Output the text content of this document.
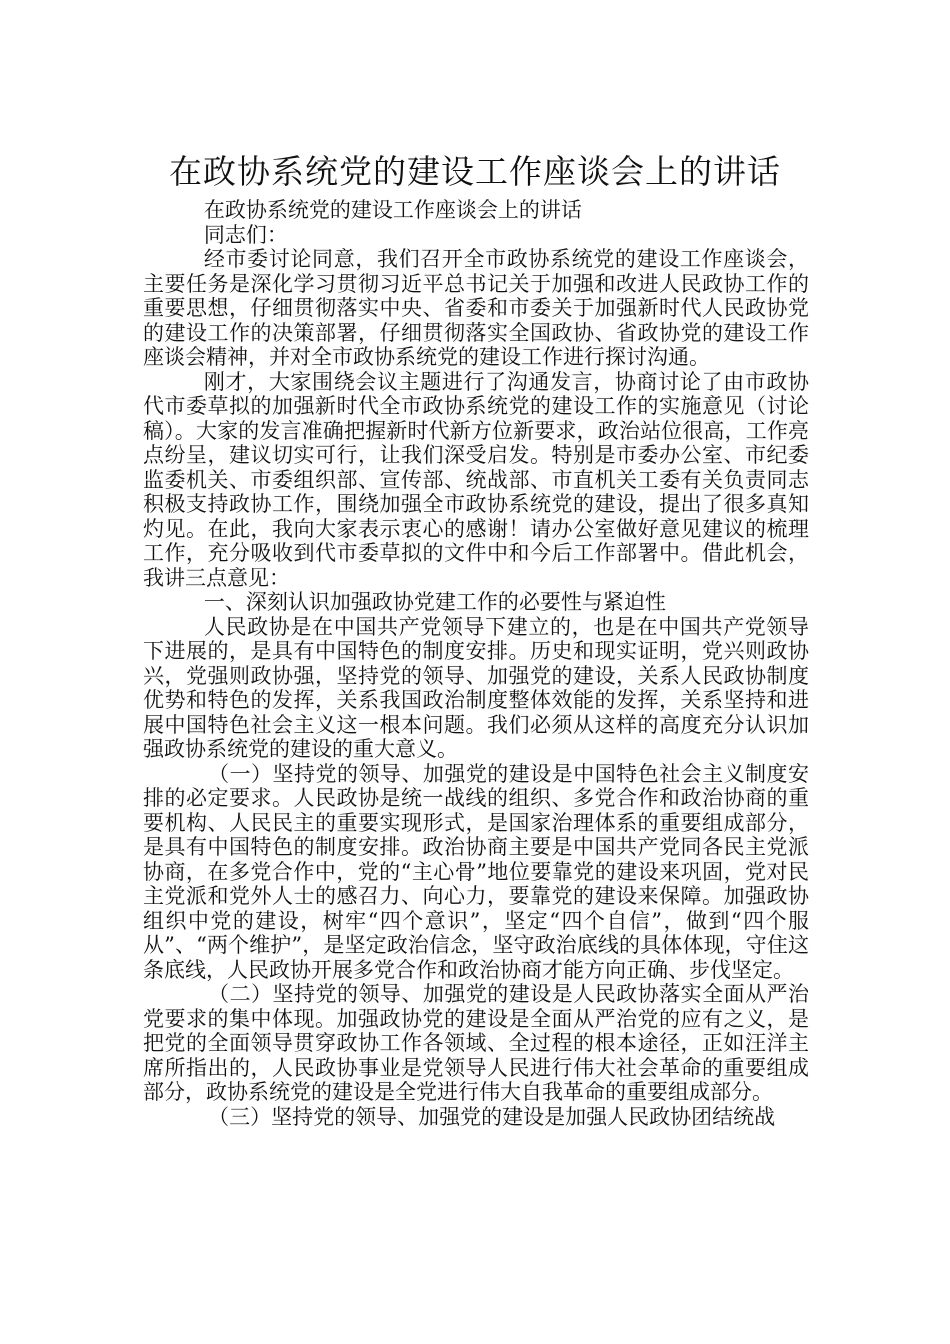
在政协系统党的建设工作座谈会上的讲话

在政协系统党的建设工作座谈会上的讲话

同志们：

经市委讨论同意，我们召开全市政协系统党的建设工作座谈会，主要任务是深化学习贯彻习近平总书记关于加强和改进人民政协工作的重要思想，仔细贯彻落实中央、省委和市委关于加强新时代人民政协党的建设工作的决策部署，仔细贯彻落实全国政协、省政协党的建设工作座谈会精神，并对全市政协系统党的建设工作进行探讨沟通。

刚才，大家围绕会议主题进行了沟通发言，协商讨论了由市政协代市委草拟的加强新时代全市政协系统党的建设工作的实施意见（讨论稿）。大家的发言准确把握新时代新方位新要求，政治站位很高，工作亮点纷呈，建议切实可行，让我们深受启发。特别是市委办公室、市纪委监委机关、市委组织部、宣传部、统战部、市直机关工委有关负责同志积极支持政协工作，围绕加强全市政协系统党的建设，提出了很多真知灼见。在此，我向大家表示衷心的感谢！请办公室做好意见建议的梳理工作，充分吸收到代市委草拟的文件中和今后工作部署中。借此机会，我讲三点意见：

一、深刻认识加强政协党建工作的必要性与紧迫性

人民政协是在中国共产党领导下建立的，也是在中国共产党领导下进展的，是具有中国特色的制度安排。历史和现实证明，党兴则政协兴，党强则政协强，坚持党的领导、加强党的建设，关系人民政协制度优势和特色的发挥，关系我国政治制度整体效能的发挥，关系坚持和进展中国特色社会主义这一根本问题。我们必须从这样的高度充分认识加强政协系统党的建设的重大意义。

（一）坚持党的领导、加强党的建设是中国特色社会主义制度安排的必定要求。人民政协是统一战线的组织、多党合作和政治协商的重要机构、人民民主的重要实现形式，是国家治理体系的重要组成部分，是具有中国特色的制度安排。政治协商主要是中国共产党同各民主党派协商，在多党合作中，党的“主心骨”地位要靠党的建设来巩固，党对民主党派和党外人士的感召力、向心力，要靠党的建设来保障。加强政协组织中党的建设，树牢“四个意识”，坚定“四个自信”，做到“四个服从”、“两个维护”，是坚定政治信念，坚守政治底线的具体体现，守住这条底线，人民政协开展多党合作和政治协商才能方向正确、步伐坚定。

（二）坚持党的领导、加强党的建设是人民政协落实全面从严治党要求的集中体现。加强政协党的建设是全面从严治党的应有之义，是把党的全面领导贯穿政协工作各领域、全过程的根本途径，正如汪洋主席所指出的，人民政协事业是党领导人民进行伟大社会革命的重要组成部分，政协系统党的建设是全党进行伟大自我革命的重要组成部分。

（三）坚持党的领导、加强党的建设是加强人民政协团结统战
